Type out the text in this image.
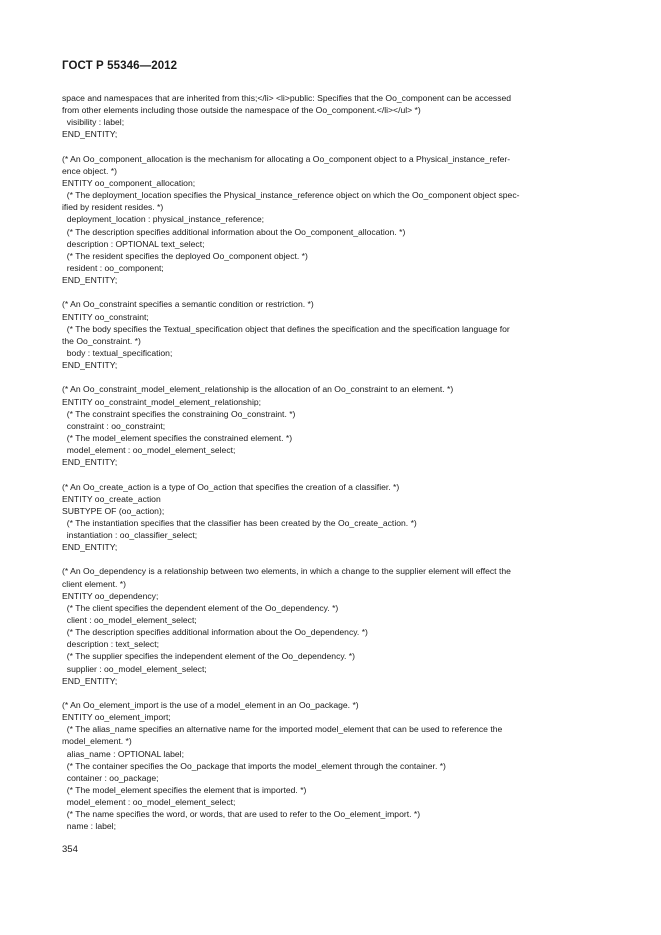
ГОСТ Р 55346—2012
space and namespaces that are inherited from this;</li> <li>public: Specifies that the Oo_component can be accessed
from other elements including those outside the namespace of the Oo_component.</li></ul> *)
visibility : label;
END_ENTITY;
(* An Oo_component_allocation is the mechanism for allocating a Oo_component object to a Physical_instance_refer-
ence object. *)
ENTITY oo_component_allocation;
(* The deployment_location specifies the Physical_instance_reference object on which the Oo_component object spec-
ified by resident resides. *)
deployment_location : physical_instance_reference;
(* The description specifies additional information about the Oo_component_allocation. *)
description : OPTIONAL text_select;
(* The resident specifies the deployed Oo_component object. *)
resident : oo_component;
END_ENTITY;
(* An Oo_constraint specifies a semantic condition or restriction. *)
ENTITY oo_constraint;
(* The body specifies the Textual_specification object that defines the specification and the specification language for
the Oo_constraint. *)
body : textual_specification;
END_ENTITY;
(* An Oo_constraint_model_element_relationship is the allocation of an Oo_constraint to an element. *)
ENTITY oo_constraint_model_element_relationship;
(* The constraint specifies the constraining Oo_constraint. *)
constraint : oo_constraint;
(* The model_element specifies the constrained element. *)
model_element : oo_model_element_select;
END_ENTITY;
(* An Oo_create_action is a type of Oo_action that specifies the creation of a classifier. *)
ENTITY oo_create_action
SUBTYPE OF (oo_action);
(* The instantiation specifies that the classifier has been created by the Oo_create_action. *)
instantiation : oo_classifier_select;
END_ENTITY;
(* An Oo_dependency is a relationship between two elements, in which a change to the supplier element will effect the
client element. *)
ENTITY oo_dependency;
(* The client specifies the dependent element of the Oo_dependency. *)
client : oo_model_element_select;
(* The description specifies additional information about the Oo_dependency. *)
description : text_select;
(* The supplier specifies the independent element of the Oo_dependency. *)
supplier : oo_model_element_select;
END_ENTITY;
(* An Oo_element_import is the use of a model_element in an Oo_package. *)
ENTITY oo_element_import;
(* The alias_name specifies an alternative name for the imported model_element that can be used to reference the
model_element. *)
alias_name : OPTIONAL label;
(* The container specifies the Oo_package that imports the model_element through the container. *)
container : oo_package;
(* The model_element specifies the element that is imported. *)
model_element : oo_model_element_select;
(* The name specifies the word, or words, that are used to refer to the Oo_element_import. *)
name : label;
354
